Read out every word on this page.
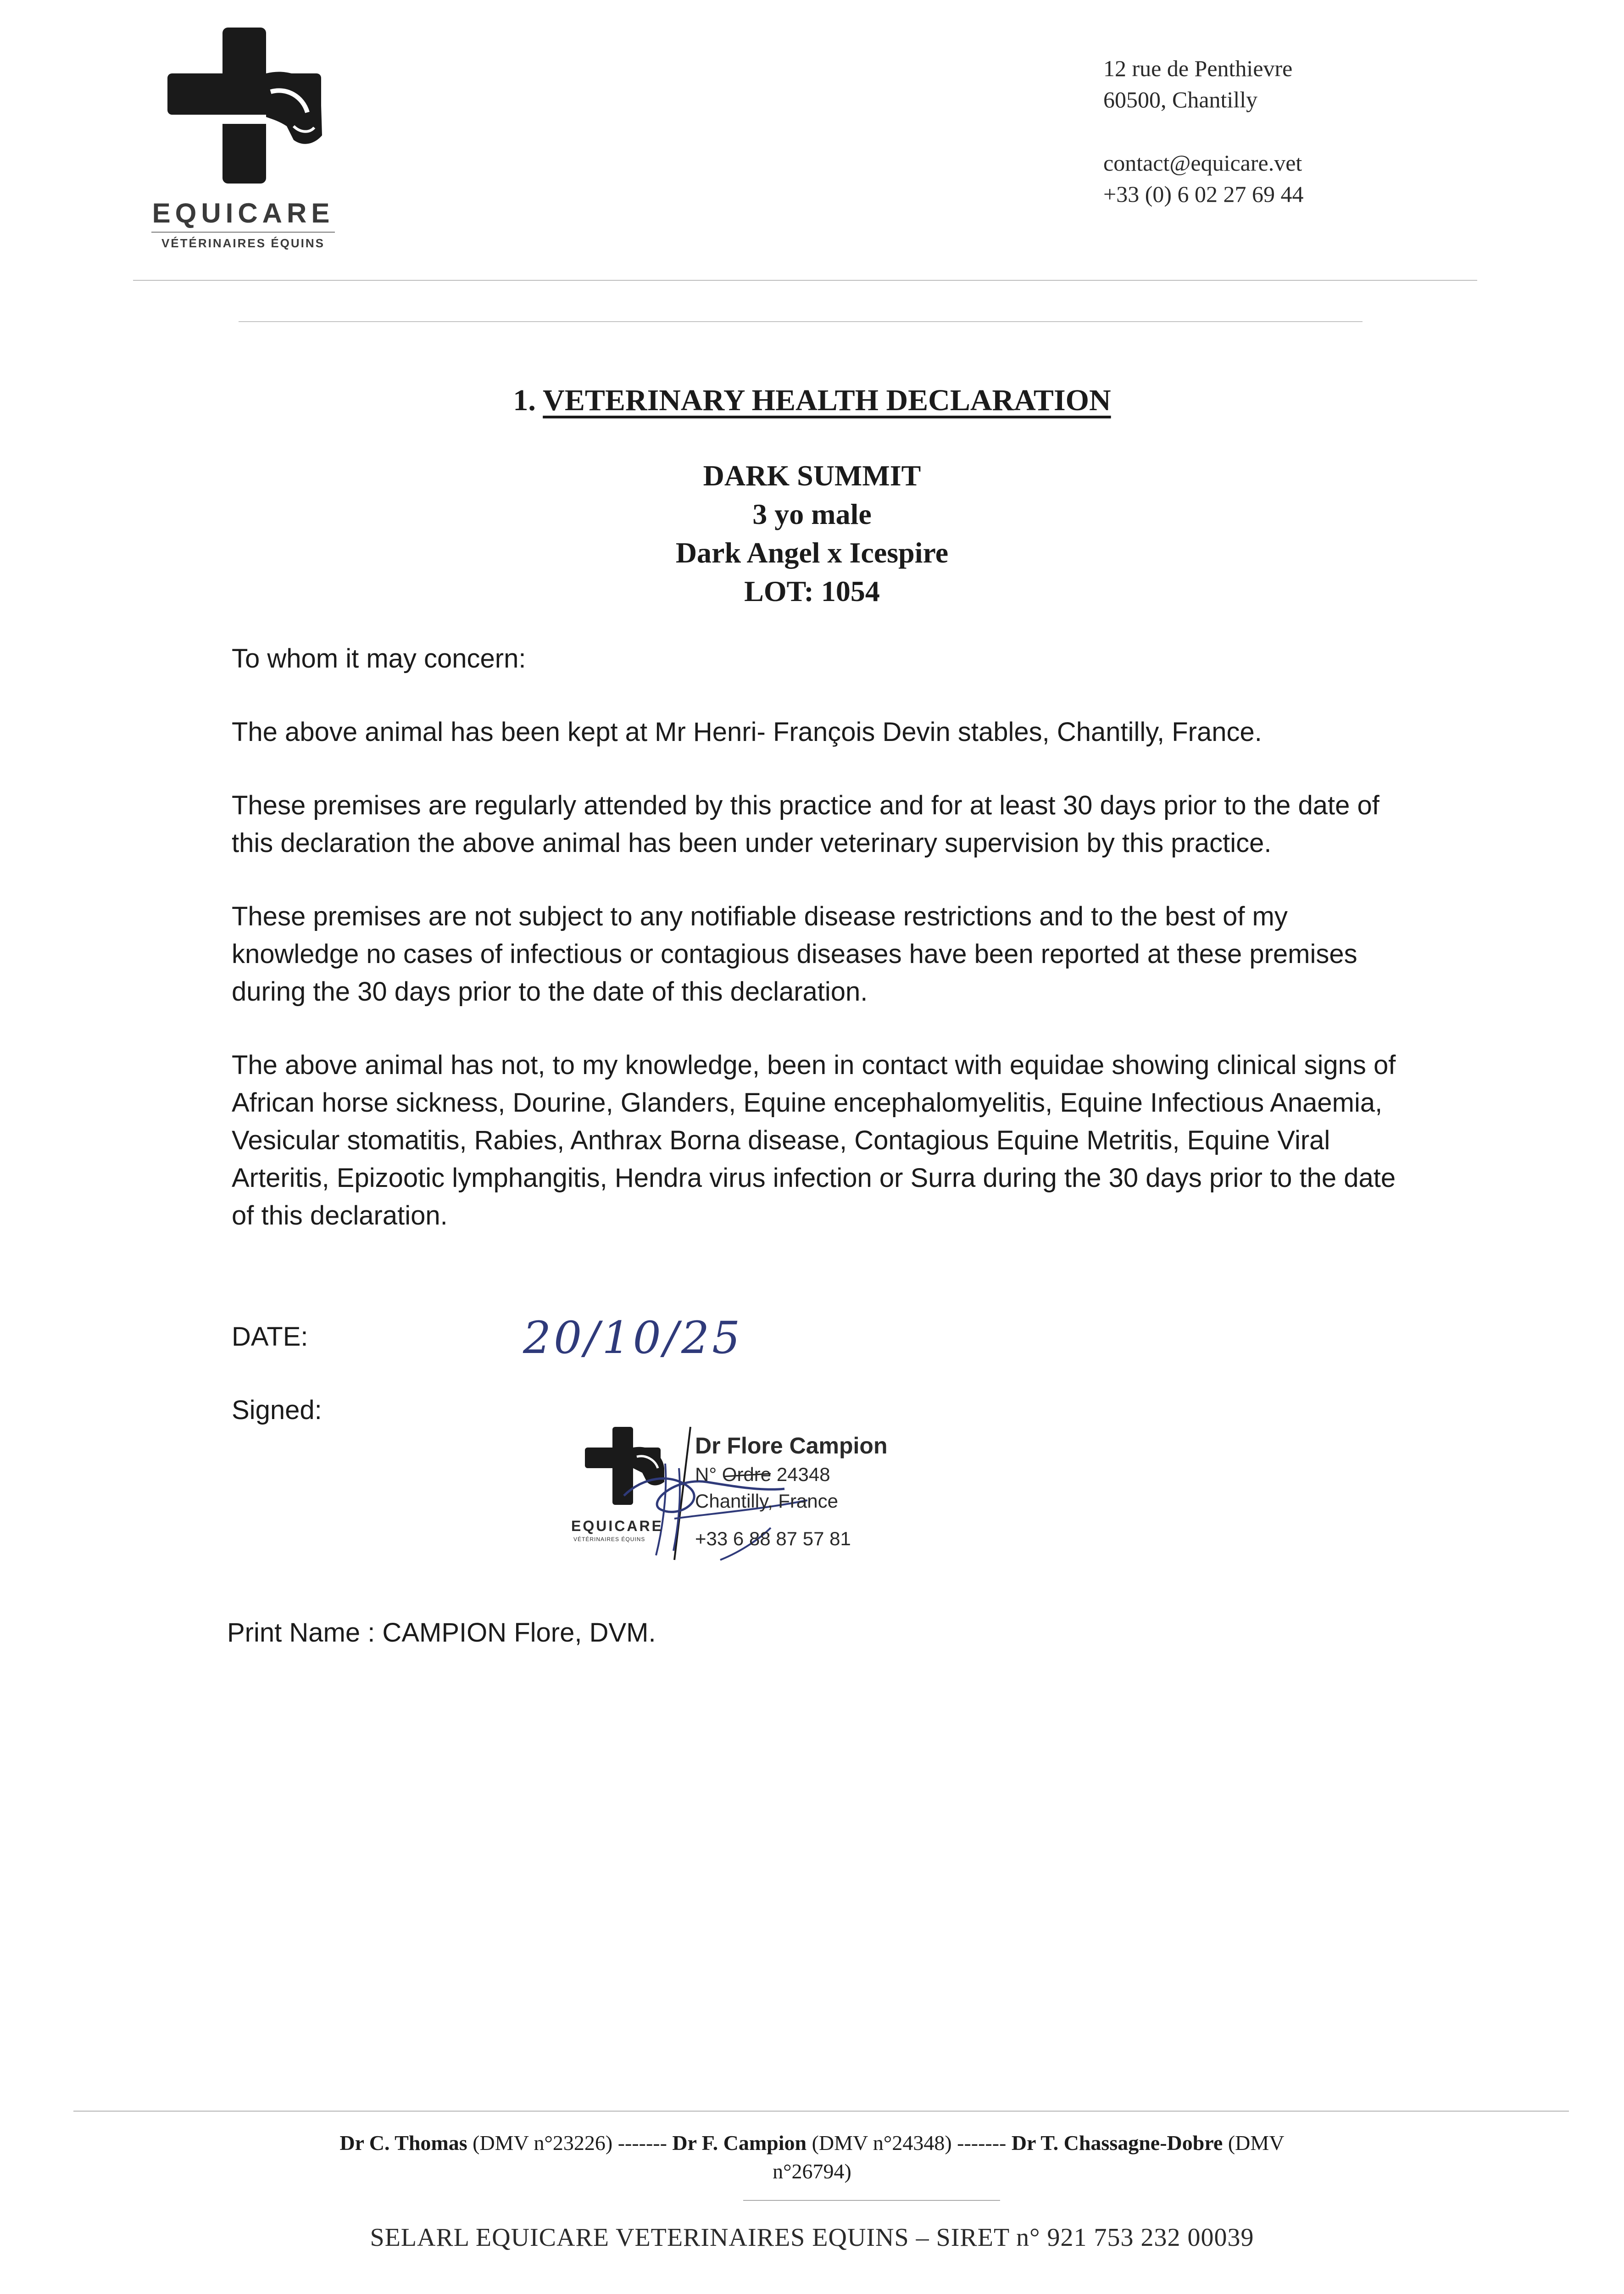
EQUICARE
VÉTÉRINAIRES ÉQUINS
12 rue de Penthievre
60500, Chantilly
contact@equicare.vet
+33 (0) 6 02 27 69 44
1. VETERINARY HEALTH DECLARATION
DARK SUMMIT
3 yo male
Dark Angel x Icespire
LOT: 1054

To whom it may concern:

The above animal has been kept at Mr Henri- François Devin stables, Chantilly, France.

These premises are regularly attended by this practice and for at least 30 days prior to the date of this declaration the above animal has been under veterinary supervision by this practice.

These premises are not subject to any notifiable disease restrictions and to the best of my knowledge no cases of infectious or contagious diseases have been reported at these premises during the 30 days prior to the date of this declaration.

The above animal has not, to my knowledge, been in contact with equidae showing clinical signs of African horse sickness, Dourine, Glanders, Equine encephalomyelitis, Equine Infectious Anaemia, Vesicular stomatitis, Rabies, Anthrax Borna disease, Contagious Equine Metritis, Equine Viral Arteritis, Epizootic lymphangitis, Hendra virus infection or Surra during the 30 days prior to the date of this declaration.

DATE:	20/10/25
Signed:
Dr Flore Campion
N° Ordre 24348
Chantilly, France
+33 6 88 87 57 81
EQUICARE
VÉTÉRINAIRES ÉQUINS
Print Name : CAMPION Flore, DVM.
Dr C. Thomas (DMV n°23226) ------- Dr F. Campion (DMV n°24348) ------- Dr T. Chassagne-Dobre (DMV
n°26794)
SELARL EQUICARE VETERINAIRES EQUINS – SIRET n° 921 753 232 00039
